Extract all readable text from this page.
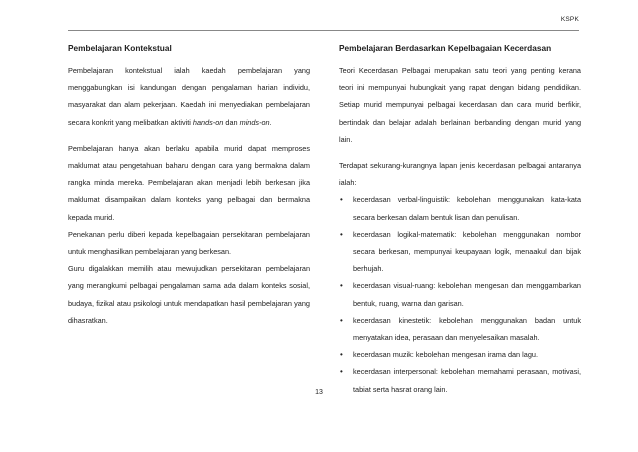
KSPK
Pembelajaran Kontekstual
Pembelajaran kontekstual ialah kaedah pembelajaran yang menggabungkan isi kandungan dengan pengalaman harian individu, masyarakat dan alam pekerjaan. Kaedah ini menyediakan pembelajaran secara konkrit yang melibatkan aktiviti hands-on dan minds-on.
Pembelajaran hanya akan berlaku apabila murid dapat memproses maklumat atau pengetahuan baharu dengan cara yang bermakna dalam rangka minda mereka. Pembelajaran akan menjadi lebih berkesan jika maklumat disampaikan dalam konteks yang pelbagai dan bermakna kepada murid.
Penekanan perlu diberi kepada kepelbagaian persekitaran pembelajaran untuk menghasilkan pembelajaran yang berkesan.
Guru digalakkan memilih atau mewujudkan persekitaran pembelajaran yang merangkumi pelbagai pengalaman sama ada dalam konteks sosial, budaya, fizikal atau psikologi untuk mendapatkan hasil pembelajaran yang dihasratkan.
Pembelajaran Berdasarkan Kepelbagaian Kecerdasan
Teori Kecerdasan Pelbagai merupakan satu teori yang penting kerana teori ini mempunyai hubungkait yang rapat dengan bidang pendidikan. Setiap murid mempunyai pelbagai kecerdasan dan cara murid berfikir, bertindak dan belajar adalah berlainan berbanding dengan murid yang lain.
Terdapat sekurang-kurangnya lapan jenis kecerdasan pelbagai antaranya ialah:
• kecerdasan verbal-linguistik: kebolehan menggunakan kata-kata secara berkesan dalam bentuk lisan dan penulisan.
• kecerdasan logikal-matematik: kebolehan menggunakan nombor secara berkesan, mempunyai keupayaan logik, menaakul dan bijak berhujah.
• kecerdasan visual-ruang: kebolehan mengesan dan menggambarkan bentuk, ruang, warna dan garisan.
• kecerdasan kinestetik: kebolehan menggunakan badan untuk menyatakan idea, perasaan dan menyelesaikan masalah.
• kecerdasan muzik: kebolehan mengesan irama dan lagu.
• kecerdasan interpersonal: kebolehan memahami perasaan, motivasi, tabiat serta hasrat orang lain.
13
